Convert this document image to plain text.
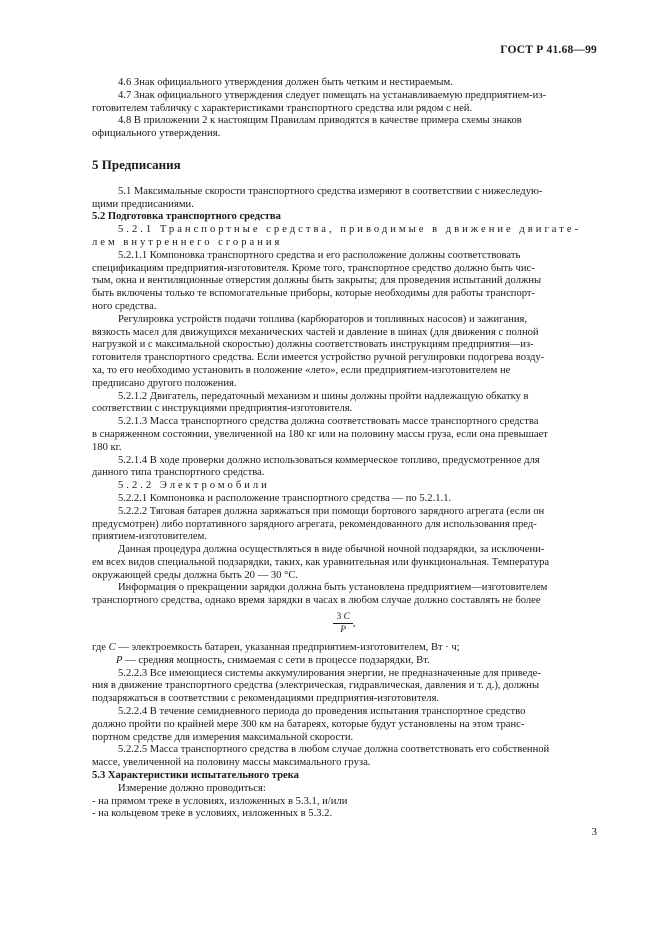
ГОСТ Р 41.68—99

4.6 Знак официального утверждения должен быть четким и нестираемым.

4.7 Знак официального утверждения следует помещать на устанавливаемую предприятием-из-

готовителем табличку с характеристиками транспортного средства или рядом с ней.

4.8 В приложении 2 к настоящим Правилам приводятся в качестве примера схемы знаков

официального утверждения.

5 Предписания

5.1 Максимальные скорости транспортного средства измеряют в соответствии с нижеследую-

щими предписаниями.

5.2 Подготовка транспортного средства

5.2.1 Транспортные средства, приводимые в движение двигате-

лем внутреннего сгорания

5.2.1.1 Компоновка транспортного средства и его расположение должны соответствовать

спецификациям предприятия-изготовителя. Кроме того, транспортное средство должно быть чис-

тым, окна и вентиляционные отверстия должны быть закрыты; для проведения испытаний должны

быть включены только те вспомогательные приборы, которые необходимы для работы транспорт-

ного средства.

Регулировка устройств подачи топлива (карбюраторов и топливных насосов) и зажигания,

вязкость масел для движущихся механических частей и давление в шинах (для движения с полной

нагрузкой и с максимальной скоростью) должны соответствовать инструкциям предприятия—из-

готовителя транспортного средства. Если имеется устройство ручной регулировки подогрева возду-

ха, то его необходимо установить в положение «лето», если предприятием-изготовителем не

предписано другого положения.

5.2.1.2 Двигатель, передаточный механизм и шины должны пройти надлежащую обкатку в

соответствии с инструкциями предприятия-изготовителя.

5.2.1.3 Масса транспортного средства должна соответствовать массе транспортного средства

в снаряженном состоянии, увеличенной на 180 кг или на половину массы груза, если она превышает

180 кг.

5.2.1.4 В ходе проверки должно использоваться коммерческое топливо, предусмотренное для

данного типа транспортного средства.

5.2.2 Электромобили

5.2.2.1 Компоновка и расположение транспортного средства — по 5.2.1.1.

5.2.2.2 Тяговая батарея должна заряжаться при помощи бортового зарядного агрегата (если он

предусмотрен) либо портативного зарядного агрегата, рекомендованного для использования пред-

приятием-изготовителем.

Данная процедура должна осуществляться в виде обычной ночной подзарядки, за исключени-

ем всех видов специальной подзарядки, таких, как уравнительная или функциональная. Температура

окружающей среды должна быть 20 — 30 °С.

Информация о прекращении зарядки должна быть установлена предприятием—изготовителем

транспортного средства, однако время зарядки в часах в любом случае должно составлять не более

$\frac{3 C}{P}$ ,

где C — электроемкость батареи, указанная предприятием-изготовителем, Вт · ч;

P — средняя мощность, снимаемая с сети в процессе подзарядки, Вт.

5.2.2.3 Все имеющиеся системы аккумулирования энергии, не предназначенные для приведе-

ния в движение транспортного средства (электрическая, гидравлическая, давления и т. д.), должны

подзаряжаться в соответствии с рекомендациями предприятия-изготовителя.

5.2.2.4 В течение семидневного периода до проведения испытания транспортное средство

должно пройти по крайней мере 300 км на батареях, которые будут установлены на этом транс-

портном средстве для измерения максимальной скорости.

5.2.2.5 Масса транспортного средства в любом случае должна соответствовать его собственной

массе, увеличенной на половину массы максимального груза.

5.3 Характеристики испытательного трека

Измерение должно проводиться:

- на прямом треке в условиях, изложенных в 5.3.1, и/или

- на кольцевом треке в условиях, изложенных в 5.3.2.

3
